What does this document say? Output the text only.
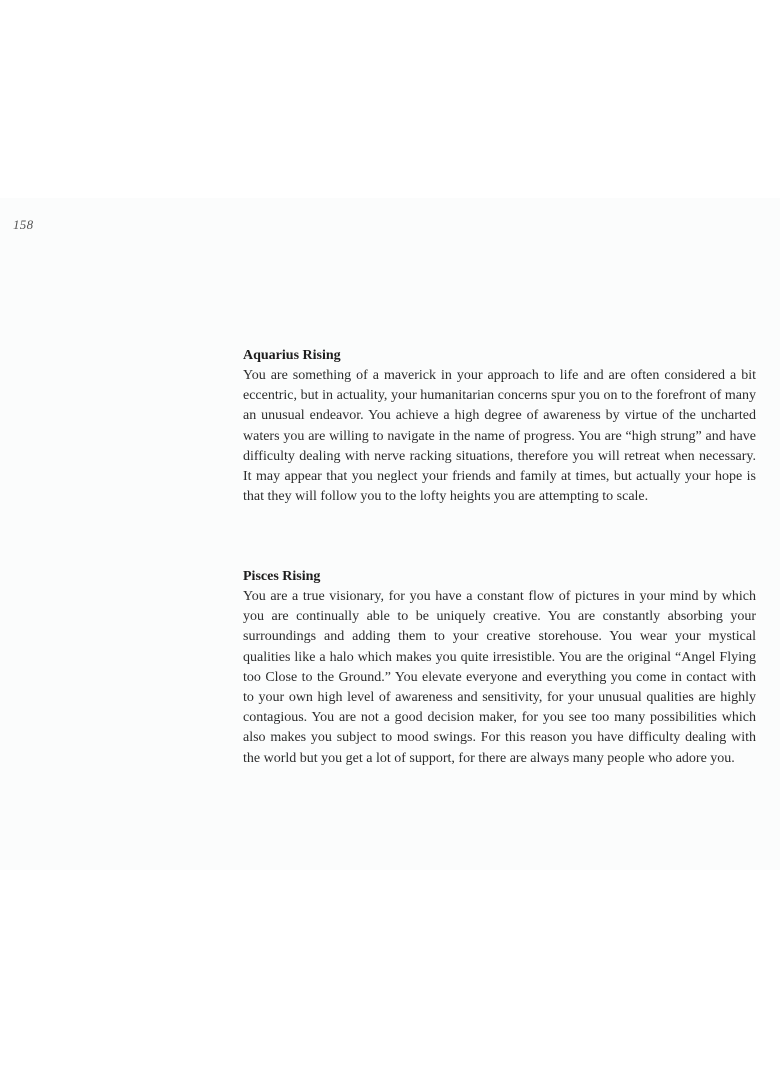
158
Aquarius Rising
You are something of a maverick in your approach to life and are often considered a bit eccentric, but in actuality, your humanitarian concerns spur you on to the forefront of many an unusual endeavor. You achieve a high degree of awareness by virtue of the uncharted waters you are willing to navigate in the name of progress. You are “high strung” and have difficulty dealing with nerve racking situations, therefore you will retreat when necessary. It may appear that you neglect your friends and family at times, but actually your hope is that they will follow you to the lofty heights you are attempting to scale.
Pisces Rising
You are a true visionary, for you have a constant flow of pictures in your mind by which you are continually able to be uniquely creative. You are constantly absorbing your surroundings and adding them to your creative storehouse. You wear your mystical qualities like a halo which makes you quite irresistible. You are the original “Angel Flying too Close to the Ground.” You elevate everyone and everything you come in contact with to your own high level of awareness and sensitivity, for your unusual qualities are highly contagious. You are not a good decision maker, for you see too many possibilities which also makes you subject to mood swings. For this reason you have difficulty dealing with the world but you get a lot of support, for there are always many people who adore you.
